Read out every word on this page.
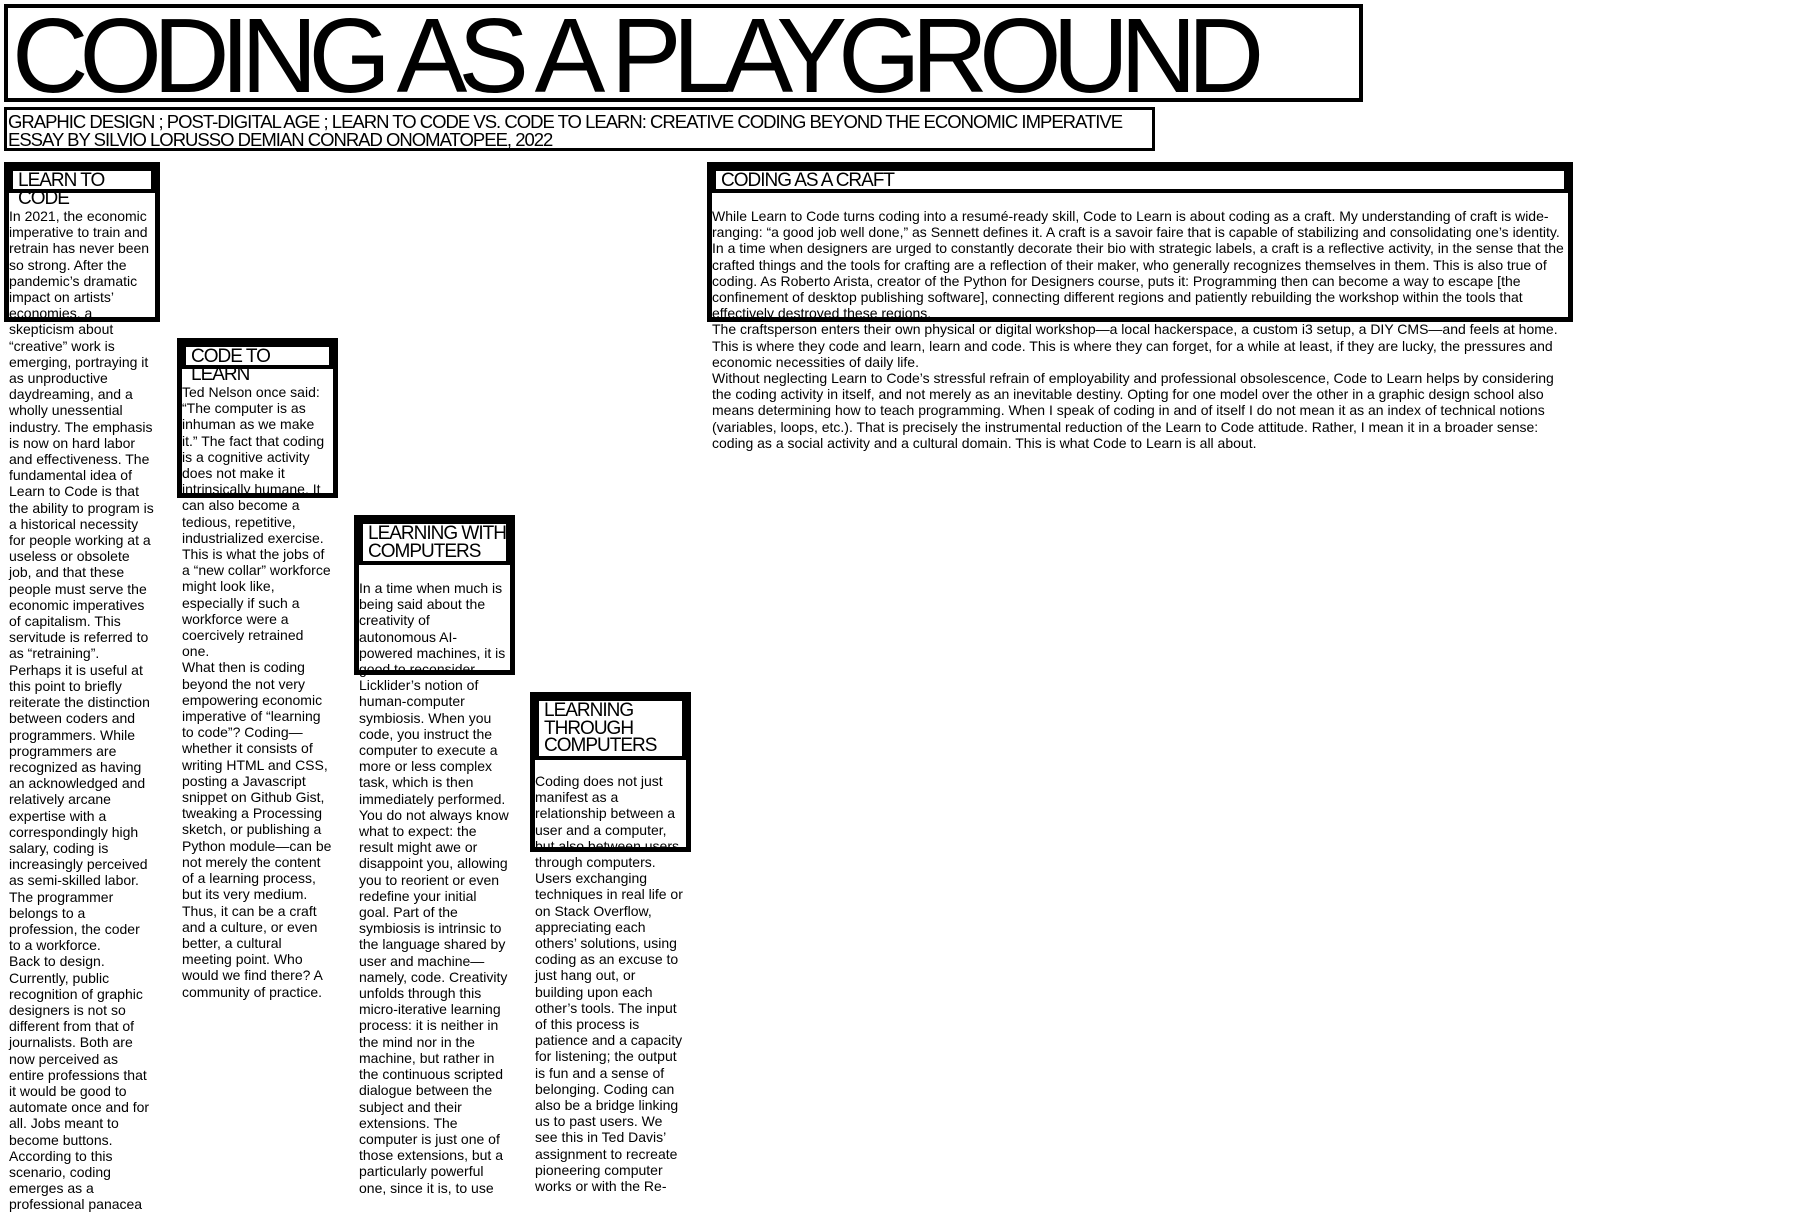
CODING AS A PLAYGROUND
GRAPHIC DESIGN ; POST-DIGITAL AGE ; LEARN TO CODE VS. CODE TO LEARN: CREATIVE CODING BEYOND THE ECONOMIC IMPERATIVE
ESSAY BY SILVIO LORUSSO DEMIAN CONRAD ONOMATOPEE, 2022
LEARN TO CODE

In 2021, the economic imperative to train and retrain has never been so strong. After the pandemic’s dramatic impact on artists’ economies, a skepticism about “creative” work is emerging, portraying it as unproductive daydreaming, and a wholly unessential industry. The emphasis is now on hard labor and effectiveness. The fundamental idea of Learn to Code is that the ability to program is a historical necessity for people working at a useless or obsolete job, and that these people must serve the economic imperatives of capitalism. This servitude is referred to as “retraining”.
Perhaps it is useful at this point to briefly reiterate the distinction between coders and programmers. While programmers are recognized as having an acknowledged and relatively arcane expertise with a correspondingly high salary, coding is increasingly perceived as semi-skilled labor. The programmer belongs to a profession, the coder to a workforce.
Back to design. Currently, public recognition of graphic designers is not so different from that of journalists. Both are now perceived as entire professions that it would be good to automate once and for all. Jobs meant to become buttons. According to this scenario, coding emerges as a professional panacea

CODE TO LEARN

Ted Nelson once said: “The computer is as inhuman as we make it.” The fact that coding is a cognitive activity does not make it intrinsically humane. It can also become a tedious, repetitive, industrialized exercise. This is what the jobs of a “new collar” workforce might look like, especially if such a workforce were a coercively retrained one.
What then is coding beyond the not very empowering economic imperative of “learning to code”? Coding—whether it consists of writing HTML and CSS, posting a Javascript snippet on Github Gist, tweaking a Processing sketch, or publishing a Python module—can be not merely the content of a learning process, but its very medium. Thus, it can be a craft and a culture, or even better, a cultural meeting point. Who would we find there? A community of practice.

LEARNING WITH COMPUTERS

In a time when much is being said about the creativity of autonomous AI-powered machines, it is good to reconsider Licklider’s notion of human-computer symbiosis. When you code, you instruct the computer to execute a more or less complex task, which is then immediately performed. You do not always know what to expect: the result might awe or disappoint you, allowing you to reorient or even redefine your initial goal. Part of the symbiosis is intrinsic to the language shared by user and machine—namely, code. Creativity unfolds through this micro-iterative learning process: it is neither in the mind nor in the machine, but rather in the continuous scripted dialogue between the subject and their extensions. The computer is just one of those extensions, but a particularly powerful one, since it is, to use

LEARNING THROUGH COMPUTERS

Coding does not just manifest as a relationship between a user and a computer, but also between users through computers. Users exchanging techniques in real life or on Stack Overflow, appreciating each others’ solutions, using coding as an excuse to just hang out, or building upon each other’s tools. The input of this process is patience and a capacity for listening; the output is fun and a sense of belonging. Coding can also be a bridge linking us to past users. We see this in Ted Davis’ assignment to recreate pioneering computer works or with the Re-

CODING AS A CRAFT

While Learn to Code turns coding into a resumé-ready skill, Code to Learn is about coding as a craft. My understanding of craft is wide-ranging: “a good job well done,” as Sennett defines it. A craft is a savoir faire that is capable of stabilizing and consolidating one’s identity.
In a time when designers are urged to constantly decorate their bio with strategic labels, a craft is a reflective activity, in the sense that the crafted things and the tools for crafting are a reflection of their maker, who generally recognizes themselves in them. This is also true of coding. As Roberto Arista, creator of the Python for Designers course, puts it: Programming then can become a way to escape [the confinement of desktop publishing software], connecting different regions and patiently rebuilding the workshop within the tools that effectively destroyed these regions.
The craftsperson enters their own physical or digital workshop—a local hackerspace, a custom i3 setup, a DIY CMS—and feels at home. This is where they code and learn, learn and code. This is where they can forget, for a while at least, if they are lucky, the pressures and economic necessities of daily life.
Without neglecting Learn to Code’s stressful refrain of employability and professional obsolescence, Code to Learn helps by considering the coding activity in itself, and not merely as an inevitable destiny. Opting for one model over the other in a graphic design school also means determining how to teach programming. When I speak of coding in and of itself I do not mean it as an index of technical notions (variables, loops, etc.). That is precisely the instrumental reduction of the Learn to Code attitude. Rather, I mean it in a broader sense: coding as a social activity and a cultural domain. This is what Code to Learn is all about.
